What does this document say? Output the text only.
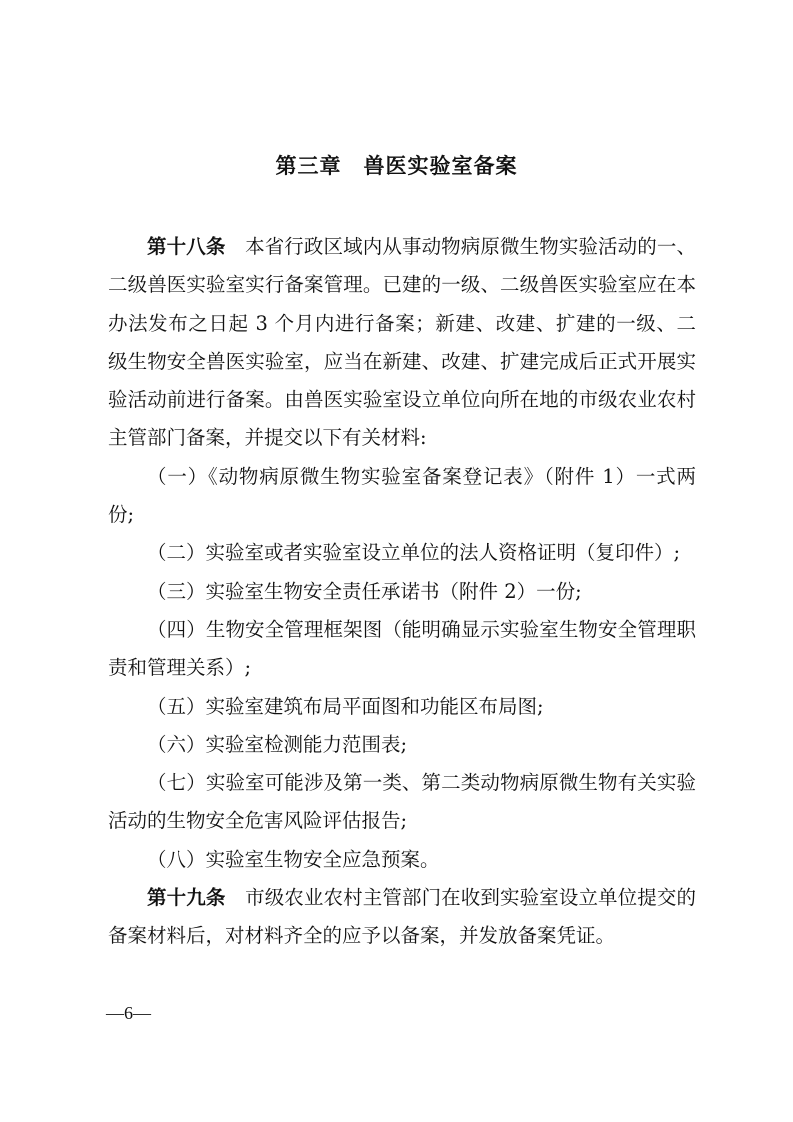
第三章　兽医实验室备案

第十八条　 本省行政区域内从事动物病原微生物实验活动的一、二级兽医实验室实行备案管理。已建的一级、二级兽医实验室应在本办法发布之日起 3 个月内进行备案；新建、改建、扩建的一级、二级生物安全兽医实验室，应当在新建、改建、扩建完成后正式开展实验活动前进行备案。由兽医实验室设立单位向所在地的市级农业农村主管部门备案，并提交以下有关材料:

（一）《动物病原微生物实验室备案登记表》（附件 1）一式两份;

（二）实验室或者实验室设立单位的法人资格证明（复印件）;

（三）实验室生物安全责任承诺书（附件 2）一份;

（四）生物安全管理框架图（能明确显示实验室生物安全管理职责和管理关系）;

（五）实验室建筑布局平面图和功能区布局图;

（六）实验室检测能力范围表;

（七）实验室可能涉及第一类、第二类动物病原微生物有关实验活动的生物安全危害风险评估报告;

（八）实验室生物安全应急预案。

第十九条　 市级农业农村主管部门在收到实验室设立单位提交的备案材料后，对材料齐全的应予以备案，并发放备案凭证。

—6—
